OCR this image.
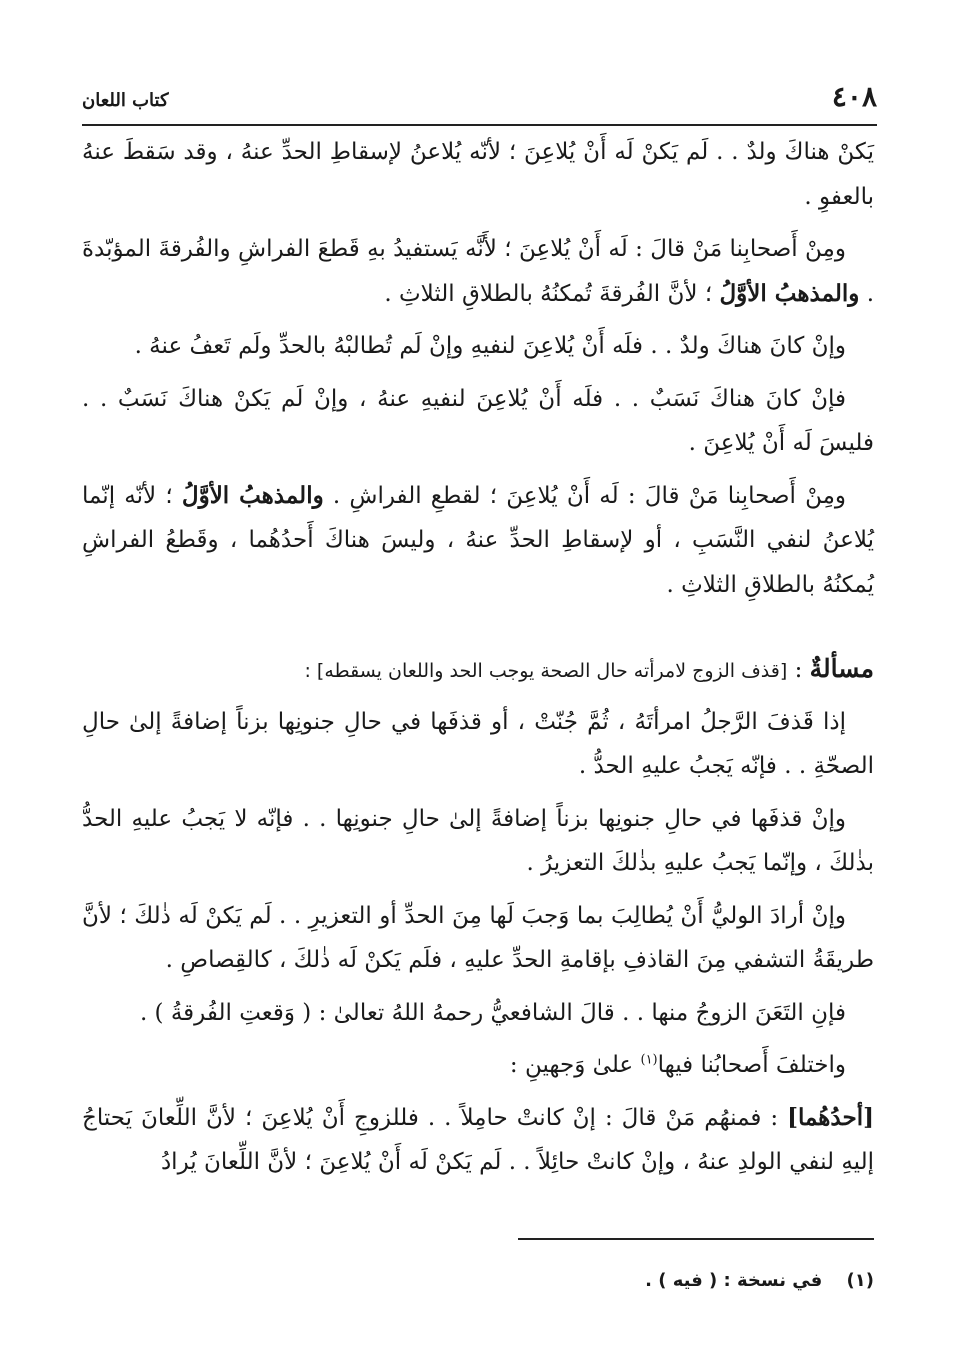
٤٠٨
كتاب اللعان

يَكنْ هناكَ ولدٌ . . لَم يَكنْ لَه أَنْ يُلاعِنَ ؛ لأنّه يُلاعنُ لإسقاطِ الحدِّ عنهُ ، وقد سَقطَ عنهُ بالعفوِ .

ومِنْ أَصحابِنا مَنْ قالَ : لَه أَنْ يُلاعِنَ ؛ لأَنَّه يَستفيدُ بهِ قَطعَ الفراشِ والفُرقةَ المؤبّدةَ . والمذهبُ الأوَّلُ ؛ لأنَّ الفُرقةَ تُمكنُهُ بالطلاقِ الثلاثِ .

وإنْ كانَ هناكَ ولدٌ . . فلَه أَنْ يُلاعِنَ لنفيهِ وإنْ لَم تُطالبْهُ بالحدِّ ولَم تَعفُ عنهُ .

فإنْ كانَ هناكَ نَسَبٌ . . فلَه أَنْ يُلاعِنَ لنفيهِ عنهُ ، وإنْ لَم يَكنْ هناكَ نَسَبٌ . . فليسَ لَه أَنْ يُلاعِنَ .

ومِنْ أَصحابِنا مَنْ قالَ : لَه أَنْ يُلاعِنَ ؛ لقطعِ الفراشِ . والمذهبُ الأوَّلُ ؛ لأنّه إنّما يُلاعنُ لنفي النَّسَبِ ، أو لإسقاطِ الحدِّ عنهُ ، وليسَ هناكَ أَحدُهُما ، وقَطعُ الفراشِ يُمكنُهُ بالطلاقِ الثلاثِ .

مسألةٌ : [قذف الزوج لامرأته حال الصحة يوجب الحد واللعان يسقطه] :

إذا قَذفَ الرَّجلُ امرأتَهُ ، ثُمَّ جُنّتْ ، أو قذفَها في حالِ جنونِها بزناً إضافةً إلىٰ حالِ الصحّةِ . . فإنّه يَجبُ عليهِ الحدُّ .

وإنْ قذفَها في حالِ جنونِها بزناً إضافةً إلىٰ حالِ جنونِها . . فإنّه لا يَجبُ عليهِ الحدُّ بذٰلكَ ، وإنّما يَجبُ عليهِ بذٰلكَ التعزيرُ .

وإنْ أرادَ الوليُّ أَنْ يُطالِبَ بما وَجبَ لَها مِنَ الحدِّ أو التعزيرِ . . لَم يَكنْ لَه ذٰلكَ ؛ لأنَّ طريقَةُ التشفي مِنَ القاذفِ بإقامةِ الحدِّ عليهِ ، فلَم يَكنْ لَه ذٰلكَ ، كالقِصاصِ .

فإنِ التَعَنَ الزوجُ منها . . قالَ الشافعيُّ رحمهُ اللهُ تعالىٰ : ( وَقعتِ الفُرقةُ ) .

واختلفَ أَصحابُنا فيها$^{(١)}$ علىٰ وَجهينِ :

[أحدُهُما] : فمنهُم مَنْ قالَ : إنْ كانتْ حامِلاً . . فللزوجِ أَنْ يُلاعِنَ ؛ لأنَّ اللِّعانَ يَحتاجُ إليهِ لنفي الولدِ عنهُ ، وإنْ كانتْ حائِلاً . . لَم يَكنْ لَه أَنْ يُلاعِنَ ؛ لأنَّ اللِّعانَ يُرادُ

(١) في نسخة : ( فيه ) .
